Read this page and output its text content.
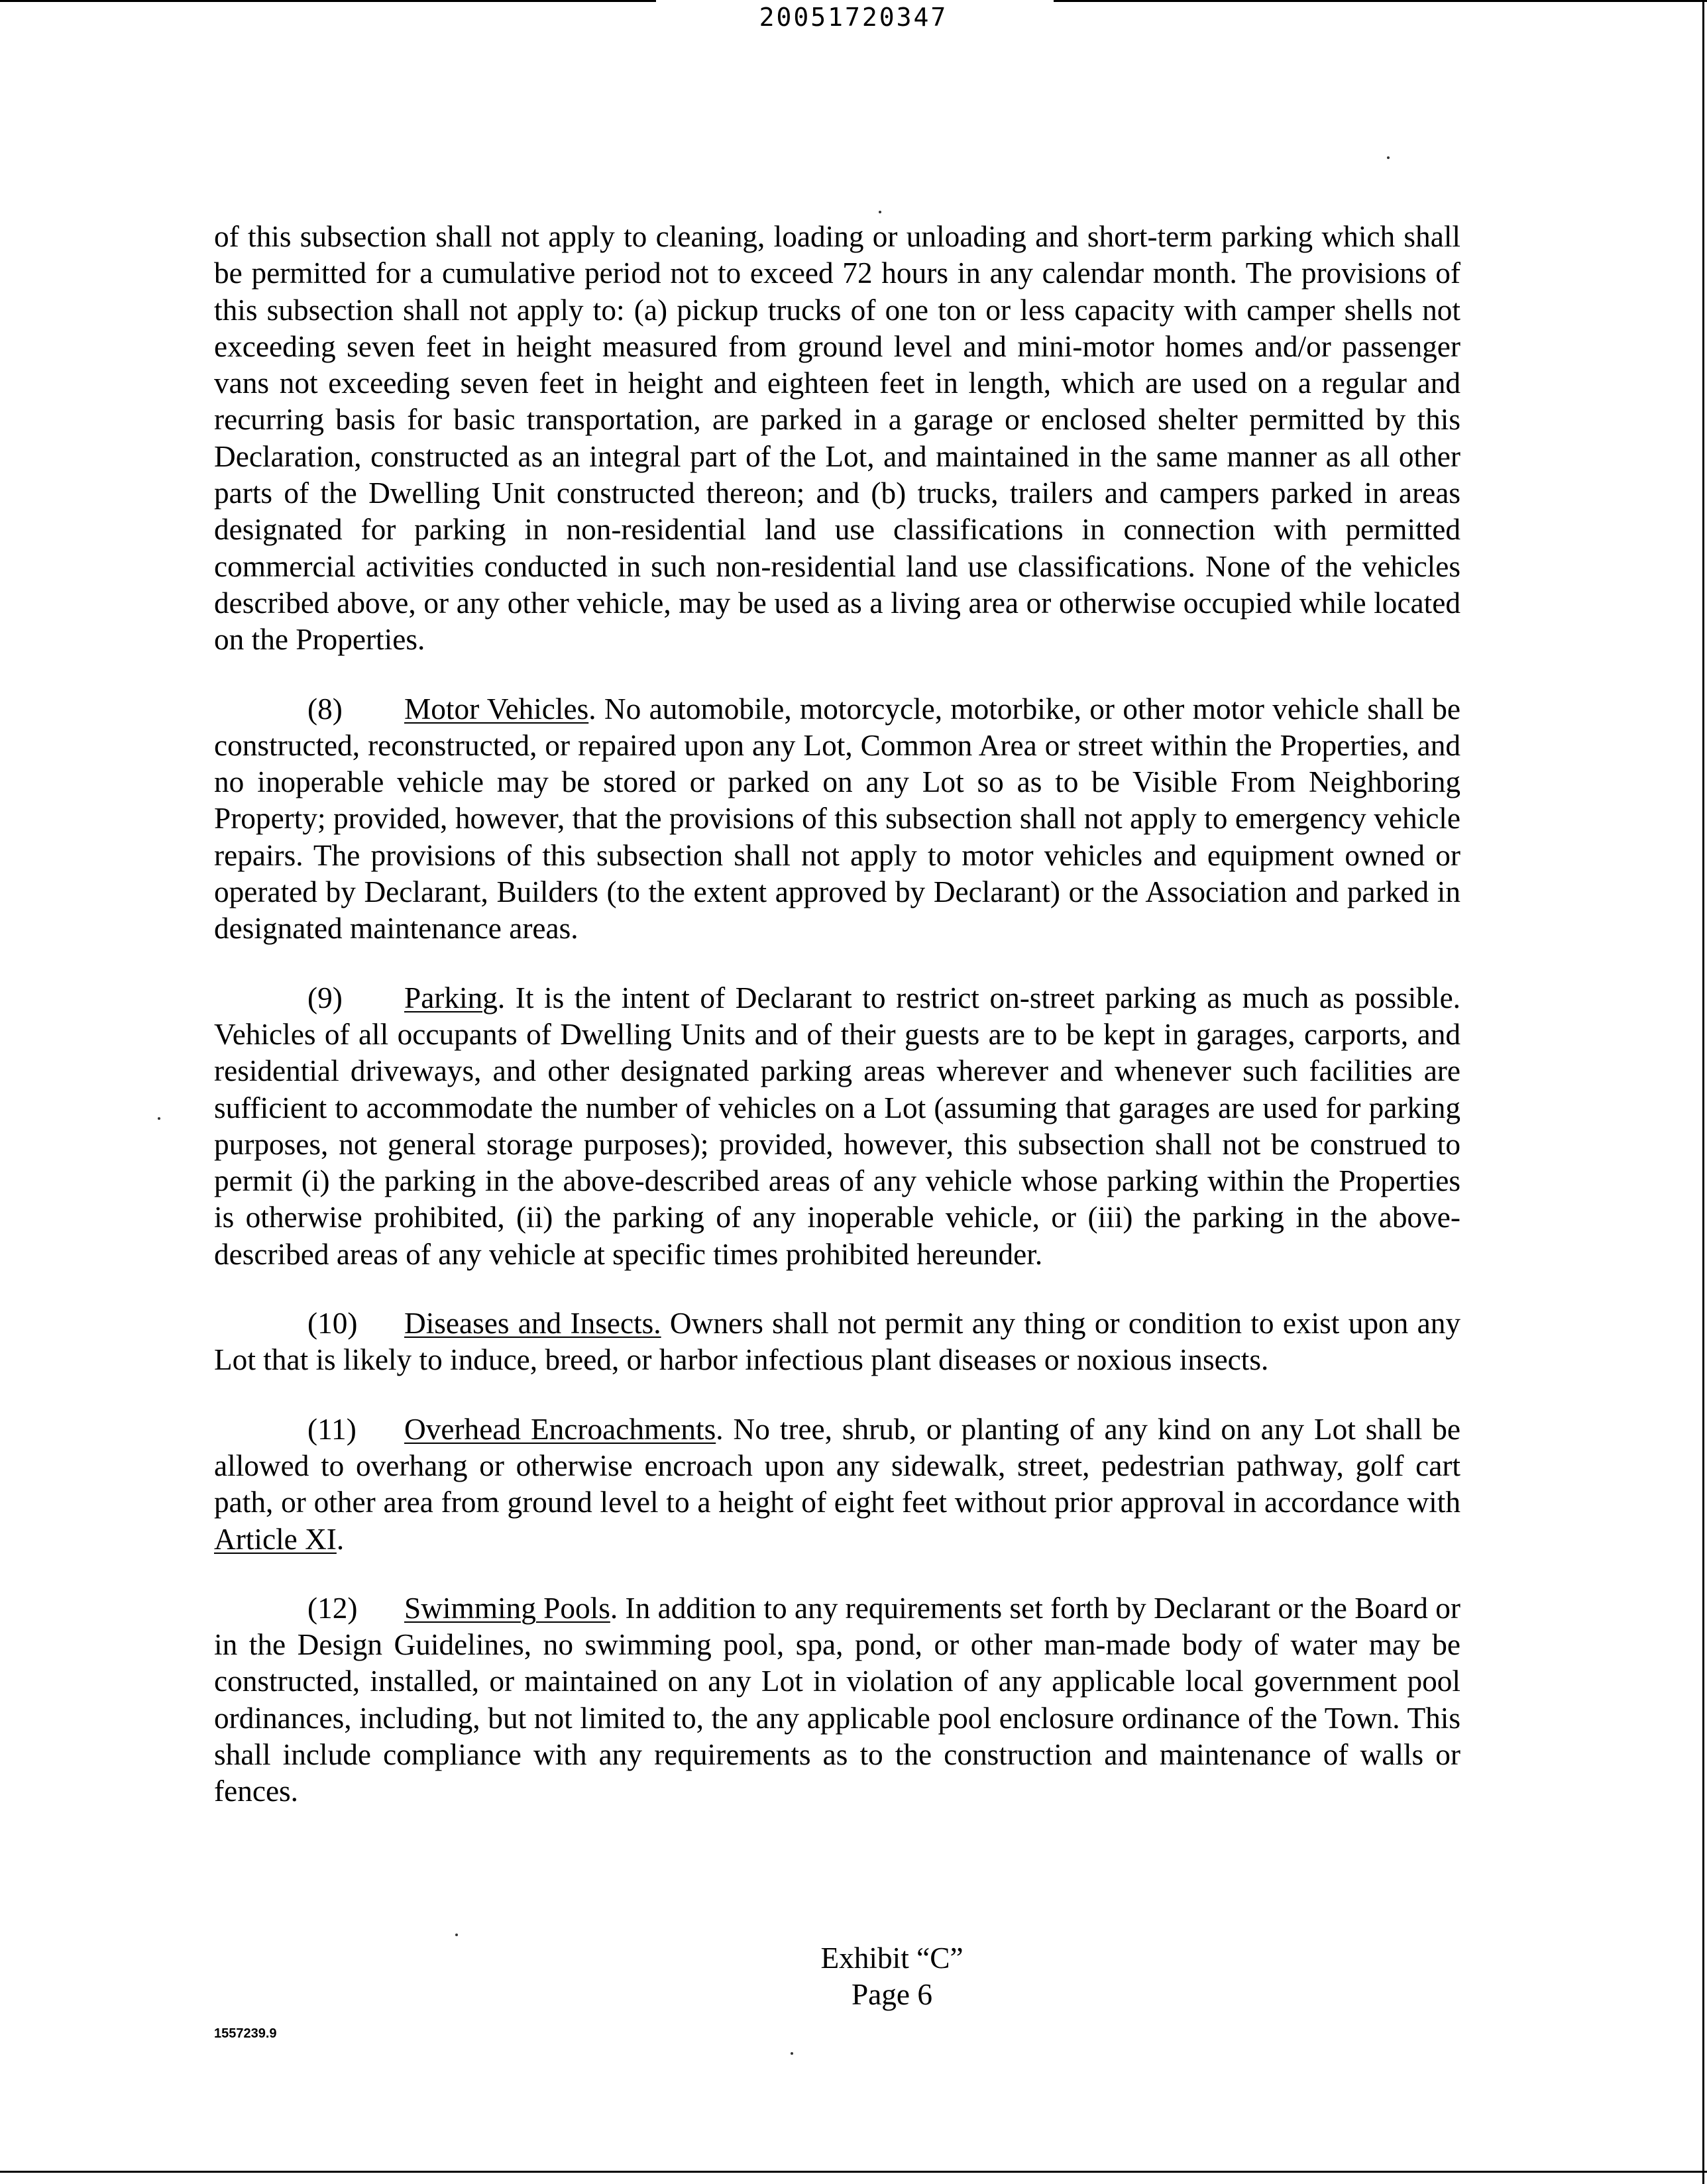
20051720347

of this subsection shall not apply to cleaning, loading or unloading and short-term parking which shall be permitted for a cumulative period not to exceed 72 hours in any calendar month. The provisions of this subsection shall not apply to: (a) pickup trucks of one ton or less capacity with camper shells not exceeding seven feet in height measured from ground level and mini-motor homes and/or passenger vans not exceeding seven feet in height and eighteen feet in length, which are used on a regular and recurring basis for basic transportation, are parked in a garage or enclosed shelter permitted by this Declaration, constructed as an integral part of the Lot, and maintained in the same manner as all other parts of the Dwelling Unit constructed thereon; and (b) trucks, trailers and campers parked in areas designated for parking in non-residential land use classifications in connection with permitted commercial activities conducted in such non-residential land use classifications. None of the vehicles described above, or any other vehicle, may be used as a living area or otherwise occupied while located on the Properties.

(8) Motor Vehicles. No automobile, motorcycle, motorbike, or other motor vehicle shall be constructed, reconstructed, or repaired upon any Lot, Common Area or street within the Properties, and no inoperable vehicle may be stored or parked on any Lot so as to be Visible From Neighboring Property; provided, however, that the provisions of this subsection shall not apply to emergency vehicle repairs. The provisions of this subsection shall not apply to motor vehicles and equipment owned or operated by Declarant, Builders (to the extent approved by Declarant) or the Association and parked in designated maintenance areas.

(9) Parking. It is the intent of Declarant to restrict on-street parking as much as possible. Vehicles of all occupants of Dwelling Units and of their guests are to be kept in garages, carports, and residential driveways, and other designated parking areas wherever and whenever such facilities are sufficient to accommodate the number of vehicles on a Lot (assuming that garages are used for parking purposes, not general storage purposes); provided, however, this subsection shall not be construed to permit (i) the parking in the above-described areas of any vehicle whose parking within the Properties is otherwise prohibited, (ii) the parking of any inoperable vehicle, or (iii) the parking in the above-described areas of any vehicle at specific times prohibited hereunder.

(10) Diseases and Insects. Owners shall not permit any thing or condition to exist upon any Lot that is likely to induce, breed, or harbor infectious plant diseases or noxious insects.

(11) Overhead Encroachments. No tree, shrub, or planting of any kind on any Lot shall be allowed to overhang or otherwise encroach upon any sidewalk, street, pedestrian pathway, golf cart path, or other area from ground level to a height of eight feet without prior approval in accordance with Article XI.

(12) Swimming Pools. In addition to any requirements set forth by Declarant or the Board or in the Design Guidelines, no swimming pool, spa, pond, or other man-made body of water may be constructed, installed, or maintained on any Lot in violation of any applicable local government pool ordinances, including, but not limited to, the any applicable pool enclosure ordinance of the Town. This shall include compliance with any requirements as to the construction and maintenance of walls or fences.

Exhibit “C”
Page 6
1557239.9
